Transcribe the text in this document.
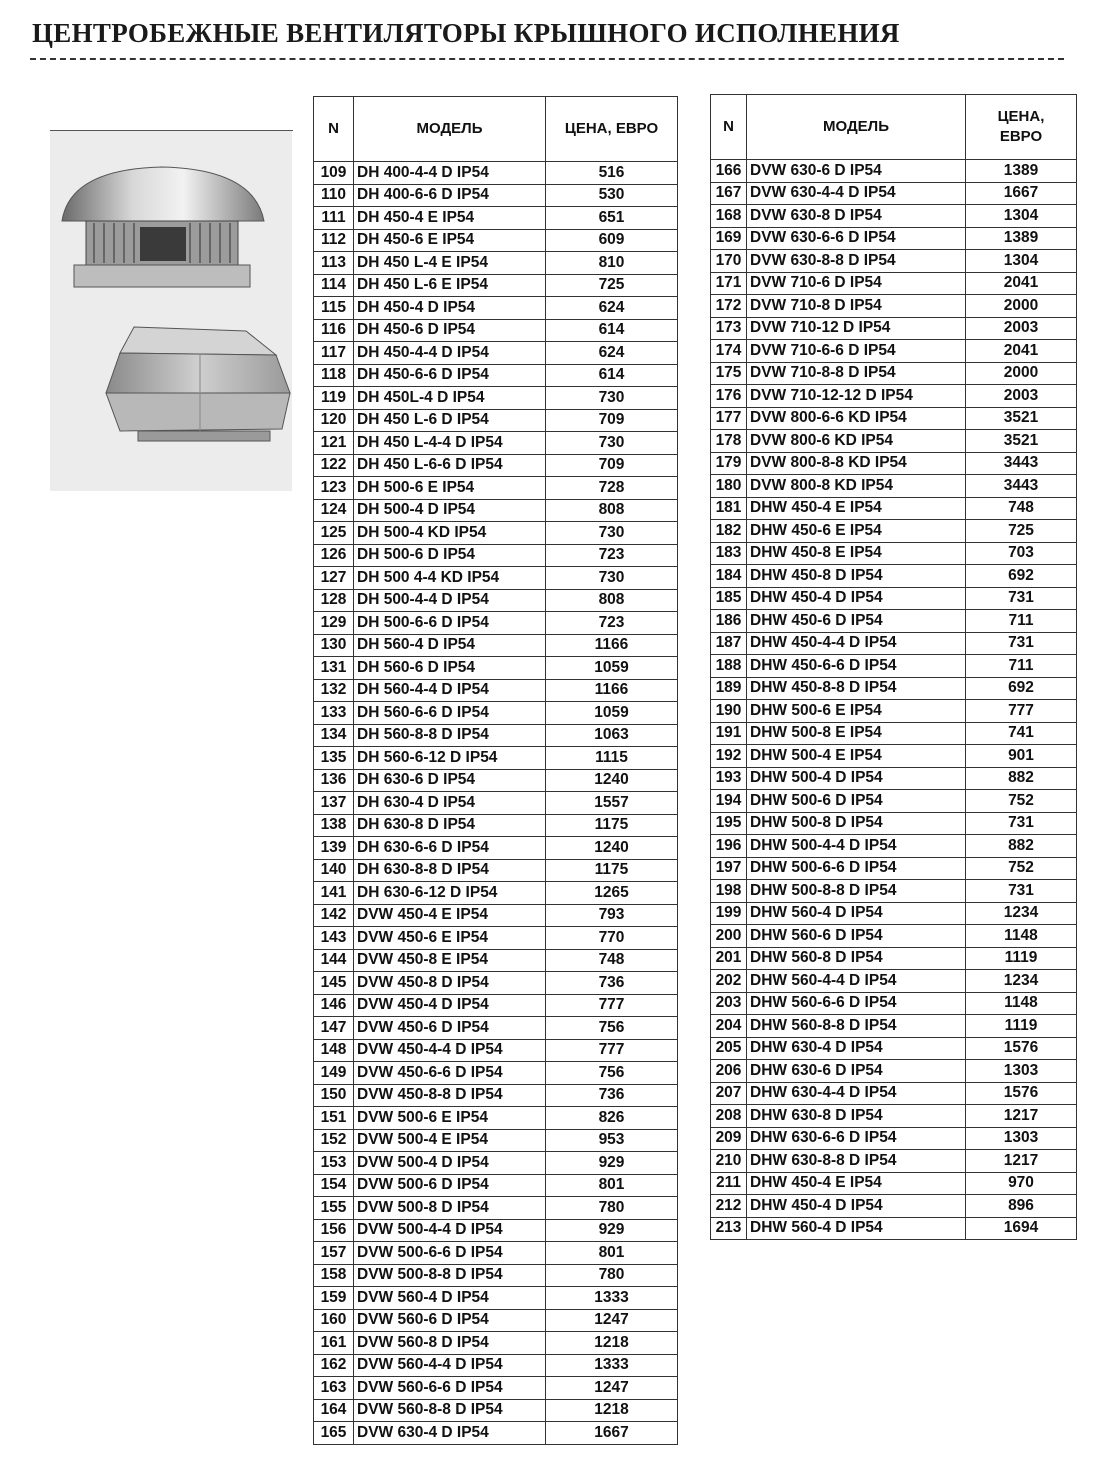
ЦЕНТРОБЕЖНЫЕ ВЕНТИЛЯТОРЫ КРЫШНОГО ИСПОЛНЕНИЯ
N	МОДЕЛЬ	ЦЕНА, ЕВРО
109	DH 400-4-4 D IP54	516
110	DH 400-6-6 D IP54	530
111	DH 450-4 E IP54	651
112	DH 450-6 E IP54	609
113	DH 450 L-4 E IP54	810
114	DH 450 L-6 E IP54	725
115	DH 450-4 D IP54	624
116	DH 450-6 D IP54	614
117	DH 450-4-4 D IP54	624
118	DH 450-6-6 D IP54	614
119	DH 450L-4 D IP54	730
120	DH 450 L-6 D IP54	709
121	DH 450 L-4-4 D IP54	730
122	DH 450 L-6-6 D IP54	709
123	DH 500-6 E IP54	728
124	DH 500-4 D IP54	808
125	DH 500-4 KD IP54	730
126	DH 500-6 D IP54	723
127	DH 500 4-4 KD IP54	730
128	DH 500-4-4 D IP54	808
129	DH 500-6-6 D IP54	723
130	DH 560-4 D IP54	1166
131	DH 560-6 D IP54	1059
132	DH 560-4-4 D IP54	1166
133	DH 560-6-6 D IP54	1059
134	DH 560-8-8 D IP54	1063
135	DH 560-6-12 D IP54	1115
136	DH 630-6 D IP54	1240
137	DH 630-4 D IP54	1557
138	DH 630-8 D IP54	1175
139	DH 630-6-6 D IP54	1240
140	DH 630-8-8 D IP54	1175
141	DH 630-6-12 D IP54	1265
142	DVW 450-4 E IP54	793
143	DVW 450-6 E IP54	770
144	DVW 450-8 E IP54	748
145	DVW 450-8 D IP54	736
146	DVW 450-4 D IP54	777
147	DVW 450-6 D IP54	756
148	DVW 450-4-4 D IP54	777
149	DVW 450-6-6 D IP54	756
150	DVW 450-8-8 D IP54	736
151	DVW 500-6 E IP54	826
152	DVW 500-4 E IP54	953
153	DVW 500-4 D IP54	929
154	DVW 500-6 D IP54	801
155	DVW 500-8 D IP54	780
156	DVW 500-4-4 D IP54	929
157	DVW 500-6-6 D IP54	801
158	DVW 500-8-8 D IP54	780
159	DVW 560-4 D IP54	1333
160	DVW 560-6 D IP54	1247
161	DVW 560-8 D IP54	1218
162	DVW 560-4-4 D IP54	1333
163	DVW 560-6-6 D IP54	1247
164	DVW 560-8-8 D IP54	1218
165	DVW 630-4 D IP54	1667
N	МОДЕЛЬ	ЦЕНА,
ЕВРО

166	DVW 630-6 D IP54	1389
167	DVW 630-4-4 D IP54	1667
168	DVW 630-8 D IP54	1304
169	DVW 630-6-6 D IP54	1389
170	DVW 630-8-8 D IP54	1304
171	DVW 710-6 D IP54	2041
172	DVW 710-8 D IP54	2000
173	DVW 710-12 D IP54	2003
174	DVW 710-6-6 D IP54	2041
175	DVW 710-8-8 D IP54	2000
176	DVW 710-12-12 D IP54	2003
177	DVW 800-6-6 KD IP54	3521
178	DVW 800-6 KD IP54	3521
179	DVW 800-8-8 KD IP54	3443
180	DVW 800-8 KD IP54	3443
181	DHW 450-4 E IP54	748
182	DHW 450-6 E IP54	725
183	DHW 450-8 E IP54	703
184	DHW 450-8 D IP54	692
185	DHW 450-4 D IP54	731
186	DHW 450-6 D IP54	711
187	DHW 450-4-4 D IP54	731
188	DHW 450-6-6 D IP54	711
189	DHW 450-8-8 D IP54	692
190	DHW 500-6 E IP54	777
191	DHW 500-8 E IP54	741
192	DHW 500-4 E IP54	901
193	DHW 500-4 D IP54	882
194	DHW 500-6 D IP54	752
195	DHW 500-8 D IP54	731
196	DHW 500-4-4 D IP54	882
197	DHW 500-6-6 D IP54	752
198	DHW 500-8-8 D IP54	731
199	DHW 560-4 D IP54	1234
200	DHW 560-6 D IP54	1148
201	DHW 560-8 D IP54	1119
202	DHW 560-4-4 D IP54	1234
203	DHW 560-6-6 D IP54	1148
204	DHW 560-8-8 D IP54	1119
205	DHW 630-4 D IP54	1576
206	DHW 630-6 D IP54	1303
207	DHW 630-4-4 D IP54	1576
208	DHW 630-8 D IP54	1217
209	DHW 630-6-6 D IP54	1303
210	DHW 630-8-8 D IP54	1217
211	DHW 450-4 E IP54	970
212	DHW 450-4 D IP54	896
213	DHW 560-4 D IP54	1694
